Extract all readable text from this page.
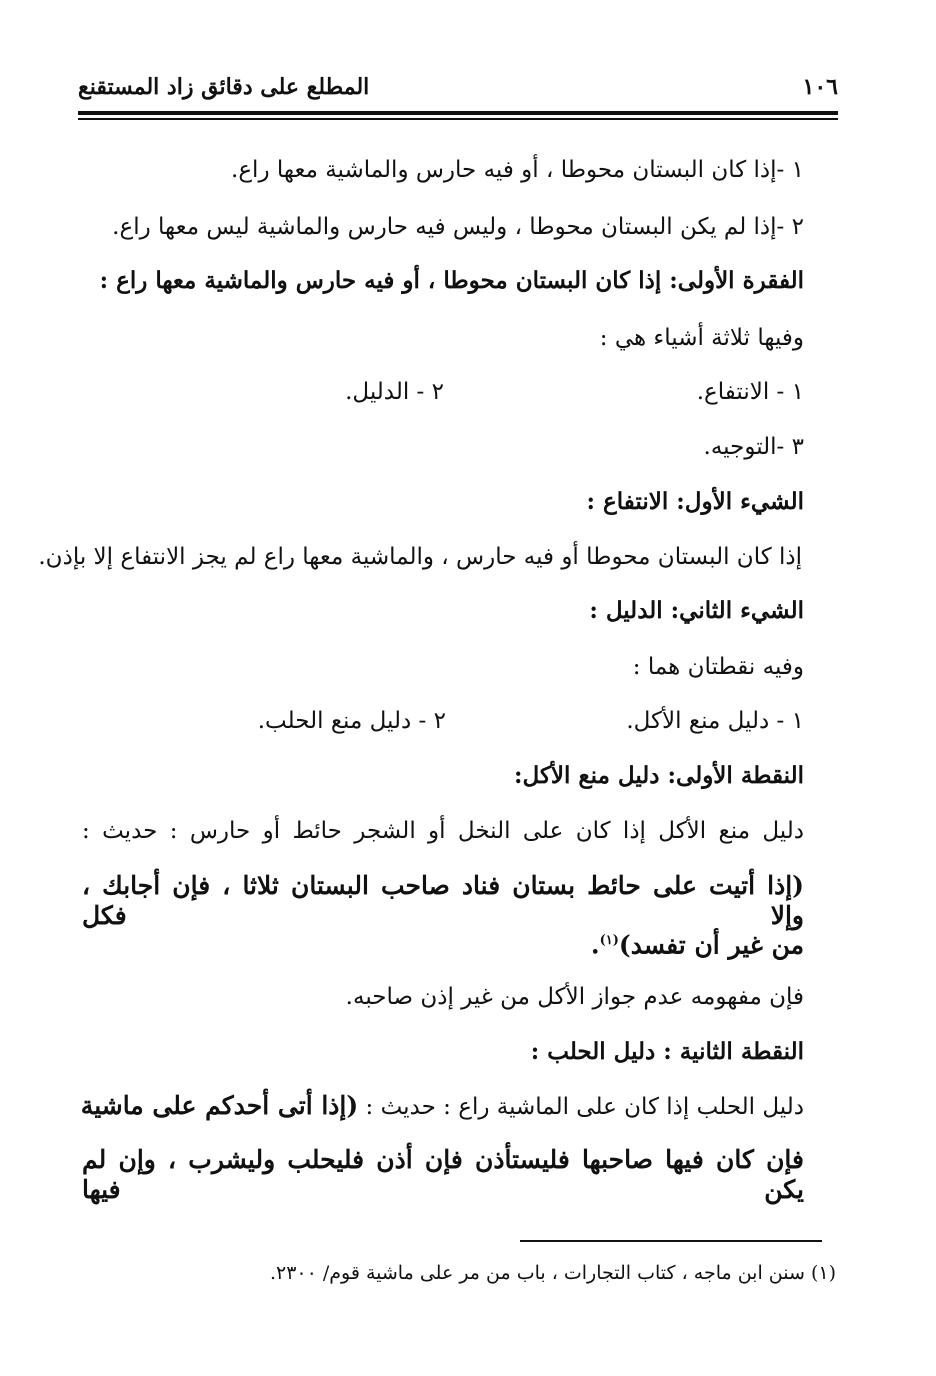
١٠٦
المطلع على دقائق زاد المستقنع
١ -إذا كان البستان محوطا ، أو فيه حارس والماشية معها راع.
٢ -إذا لم يكن البستان محوطا ، وليس فيه حارس والماشية ليس معها راع.
الفقرة الأولى: إذا كان البستان محوطا ، أو فيه حارس والماشية معها راع :
وفيها ثلاثة أشياء هي :
١ - الانتفاع.
٢ - الدليل.
٣ -التوجيه.
الشيء الأول: الانتفاع :
إذا كان البستان محوطا أو فيه حارس ، والماشية معها راع لم يجز الانتفاع إلا بإذن.
الشيء الثاني: الدليل :
وفيه نقطتان هما :
١ - دليل منع الأكل.
٢ - دليل منع الحلب.
النقطة الأولى: دليل منع الأكل:
دليل منع الأكل إذا كان على النخل أو الشجر حائط أو حارس : حديث :
(إذا أتيت على حائط بستان فناد صاحب البستان ثلاثا ، فإن أجابك ، وإلا فكل
من غير أن تفسد)$^{(١)}$.
فإن مفهومه عدم جواز الأكل من غير إذن صاحبه.
النقطة الثانية : دليل الحلب :
دليل الحلب إذا كان على الماشية راع : حديث : (إذا أتى أحدكم على ماشية
فإن كان فيها صاحبها فليستأذن فإن أذن فليحلب وليشرب ، وإن لم يكن فيها
(١) سنن ابن ماجه ، كتاب التجارات ، باب من مر على ماشية قوم/ ٢٣٠٠.
